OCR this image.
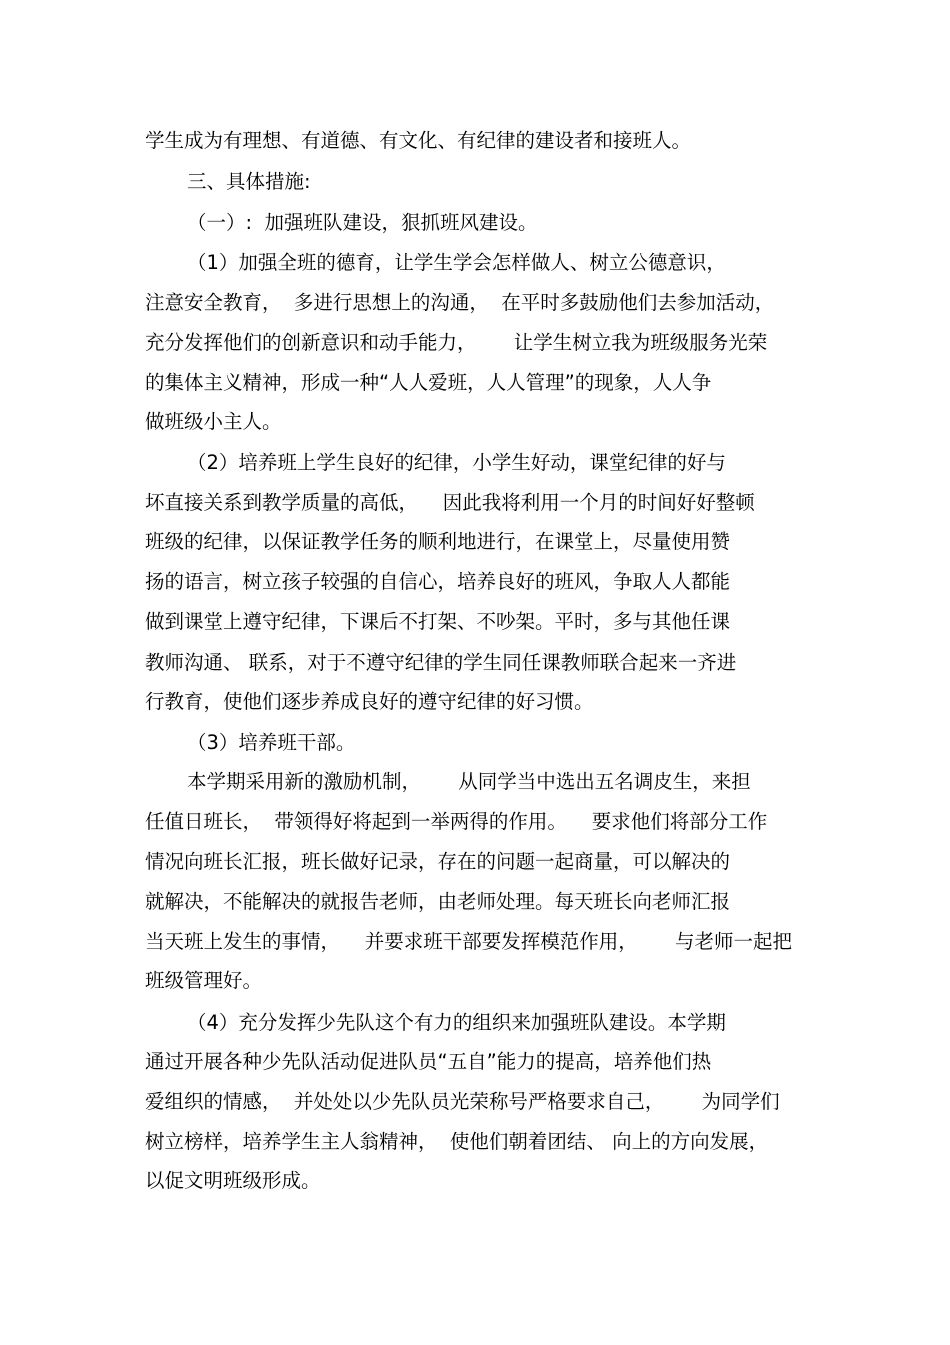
学生成为有理想、有道德、有文化、有纪律的建设者和接班人。

三、具体措施:

（一）:  加强班队建设，狠抓班风建设。

（1）加强全班的德育，让学生学会怎样做人、树立公德意识，

注意安全教育，  多进行思想上的沟通，  在平时多鼓励他们去参加活动，

充分发挥他们的创新意识和动手能力，      让学生树立我为班级服务光荣

的集体主义精神，形成一种“人人爱班，人人管理”的现象，人人争

做班级小主人。

（2）培养班上学生良好的纪律，小学生好动，课堂纪律的好与

坏直接关系到教学质量的高低，    因此我将利用一个月的时间好好整顿

班级的纪律，以保证教学任务的顺利地进行，在课堂上，尽量使用赞

扬的语言，树立孩子较强的自信心，培养良好的班风，争取人人都能

做到课堂上遵守纪律，下课后不打架、不吵架。平时，多与其他任课

教师沟通、 联系，对于不遵守纪律的学生同任课教师联合起来一齐进

行教育，使他们逐步养成良好的遵守纪律的好习惯。

（3）培养班干部。

本学期采用新的激励机制，      从同学当中选出五名调皮生，来担

任值日班长，  带领得好将起到一举两得的作用。    要求他们将部分工作

情况向班长汇报，班长做好记录，存在的问题一起商量，可以解决的

就解决，不能解决的就报告老师，由老师处理。每天班长向老师汇报

当天班上发生的事情，    并要求班干部要发挥模范作用，      与老师一起把

班级管理好。

（4）充分发挥少先队这个有力的组织来加强班队建设。本学期

通过开展各种少先队活动促进队员“五自”能力的提高，培养他们热

爱组织的情感，  并处处以少先队员光荣称号严格要求自己，      为同学们

树立榜样，培养学生主人翁精神，  使他们朝着团结、 向上的方向发展，

以促文明班级形成。
